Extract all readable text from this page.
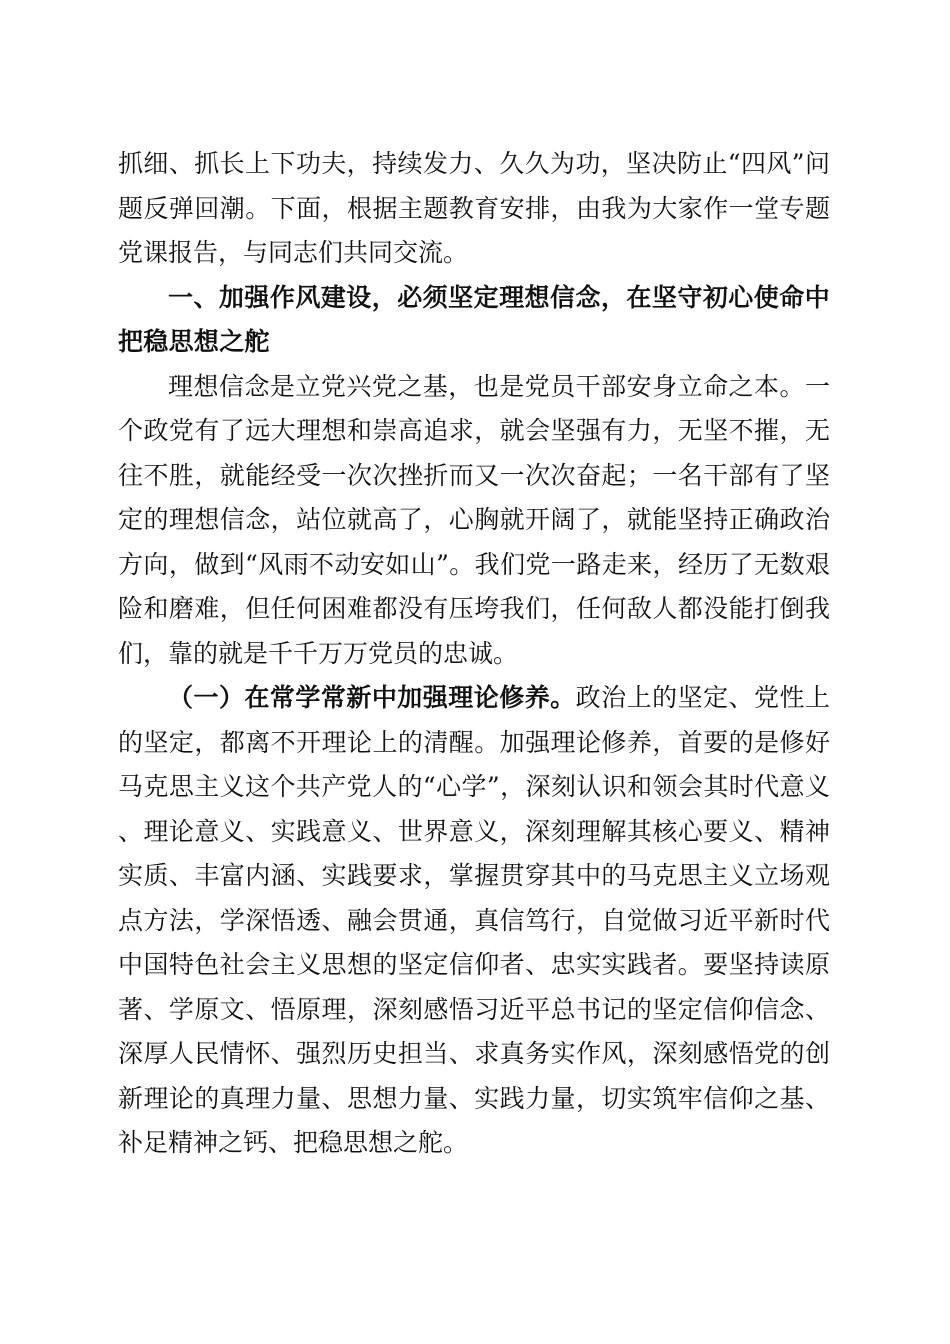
抓细、抓长上下功夫，持续发力、久久为功，坚决防止“四风”问题反弹回潮。下面，根据主题教育安排，由我为大家作一堂专题党课报告，与同志们共同交流。

一、加强作风建设，必须坚定理想信念，在坚守初心使命中把稳思想之舵

理想信念是立党兴党之基，也是党员干部安身立命之本。一个政党有了远大理想和崇高追求，就会坚强有力，无坚不摧，无往不胜，就能经受一次次挫折而又一次次奋起；一名干部有了坚定的理想信念，站位就高了，心胸就开阔了，就能坚持正确政治方向，做到“风雨不动安如山”。我们党一路走来，经历了无数艰险和磨难，但任何困难都没有压垮我们，任何敌人都没能打倒我们，靠的就是千千万万党员的忠诚。

（一）在常学常新中加强理论修养。政治上的坚定、党性上的坚定，都离不开理论上的清醒。加强理论修养，首要的是修好马克思主义这个共产党人的“心学”，深刻认识和领会其时代意义、理论意义、实践意义、世界意义，深刻理解其核心要义、精神实质、丰富内涵、实践要求，掌握贯穿其中的马克思主义立场观点方法，学深悟透、融会贯通，真信笃行，自觉做习近平新时代中国特色社会主义思想的坚定信仰者、忠实实践者。要坚持读原著、学原文、悟原理，深刻感悟习近平总书记的坚定信仰信念、深厚人民情怀、强烈历史担当、求真务实作风，深刻感悟党的创新理论的真理力量、思想力量、实践力量，切实筑牢信仰之基、补足精神之钙、把稳思想之舵。
